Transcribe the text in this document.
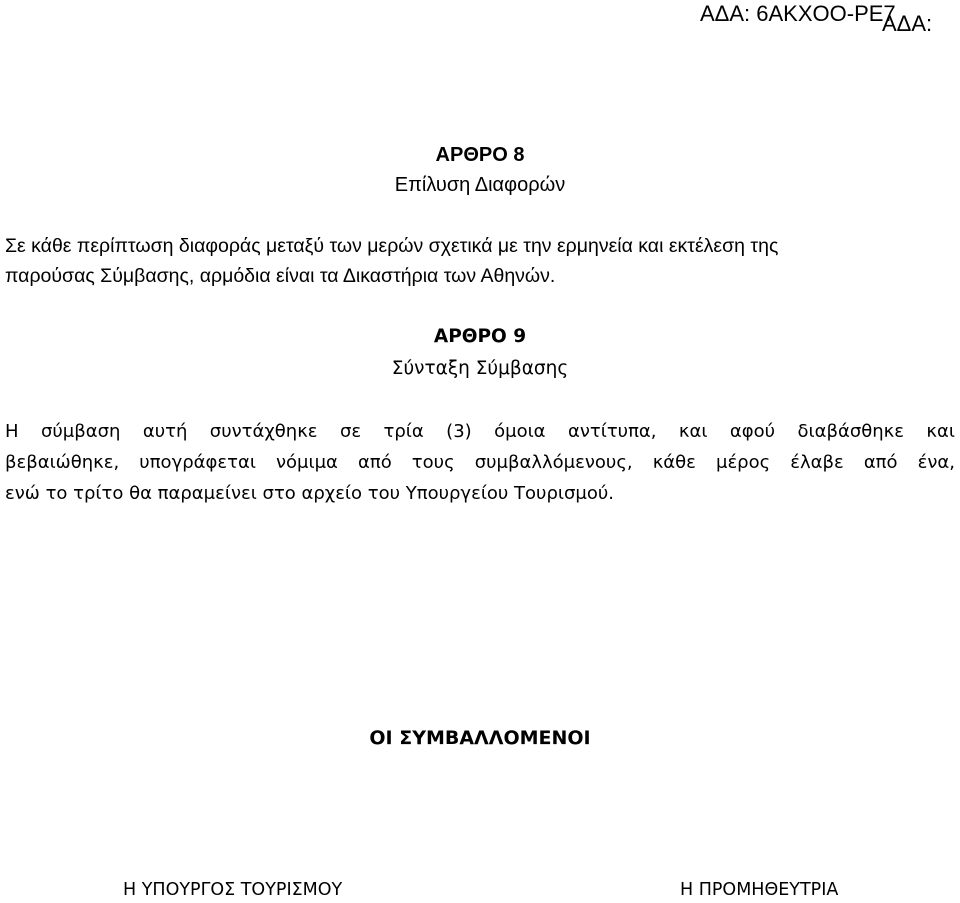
ΑΔΑ: 6ΑΚΧΟΟ-ΡΕ7
ΑΔΑ:
ΑΡΘΡΟ 8
Επίλυση Διαφορών
Σε κάθε περίπτωση διαφοράς μεταξύ των μερών σχετικά με την ερμηνεία και εκτέλεση της
παρούσας Σύμβασης, αρμόδια είναι τα Δικαστήρια των Αθηνών.
ΑΡΘΡΟ 9
Σύνταξη Σύμβασης
Η σύμβαση αυτή συντάχθηκε σε τρία (3) όμοια αντίτυπα, και αφού διαβάσθηκε και
βεβαιώθηκε, υπογράφεται νόμιμα από τους συμβαλλόμενους, κάθε μέρος έλαβε από ένα,
ενώ το τρίτο θα παραμείνει στο αρχείο του Υπουργείου Τουρισμού.
ΟΙ ΣΥΜΒΑΛΛΟΜΕΝΟΙ
Η ΥΠΟΥΡΓΟΣ ΤΟΥΡΙΣΜΟΥ	Η ΠΡΟΜΗΘΕΥΤΡΙΑ
